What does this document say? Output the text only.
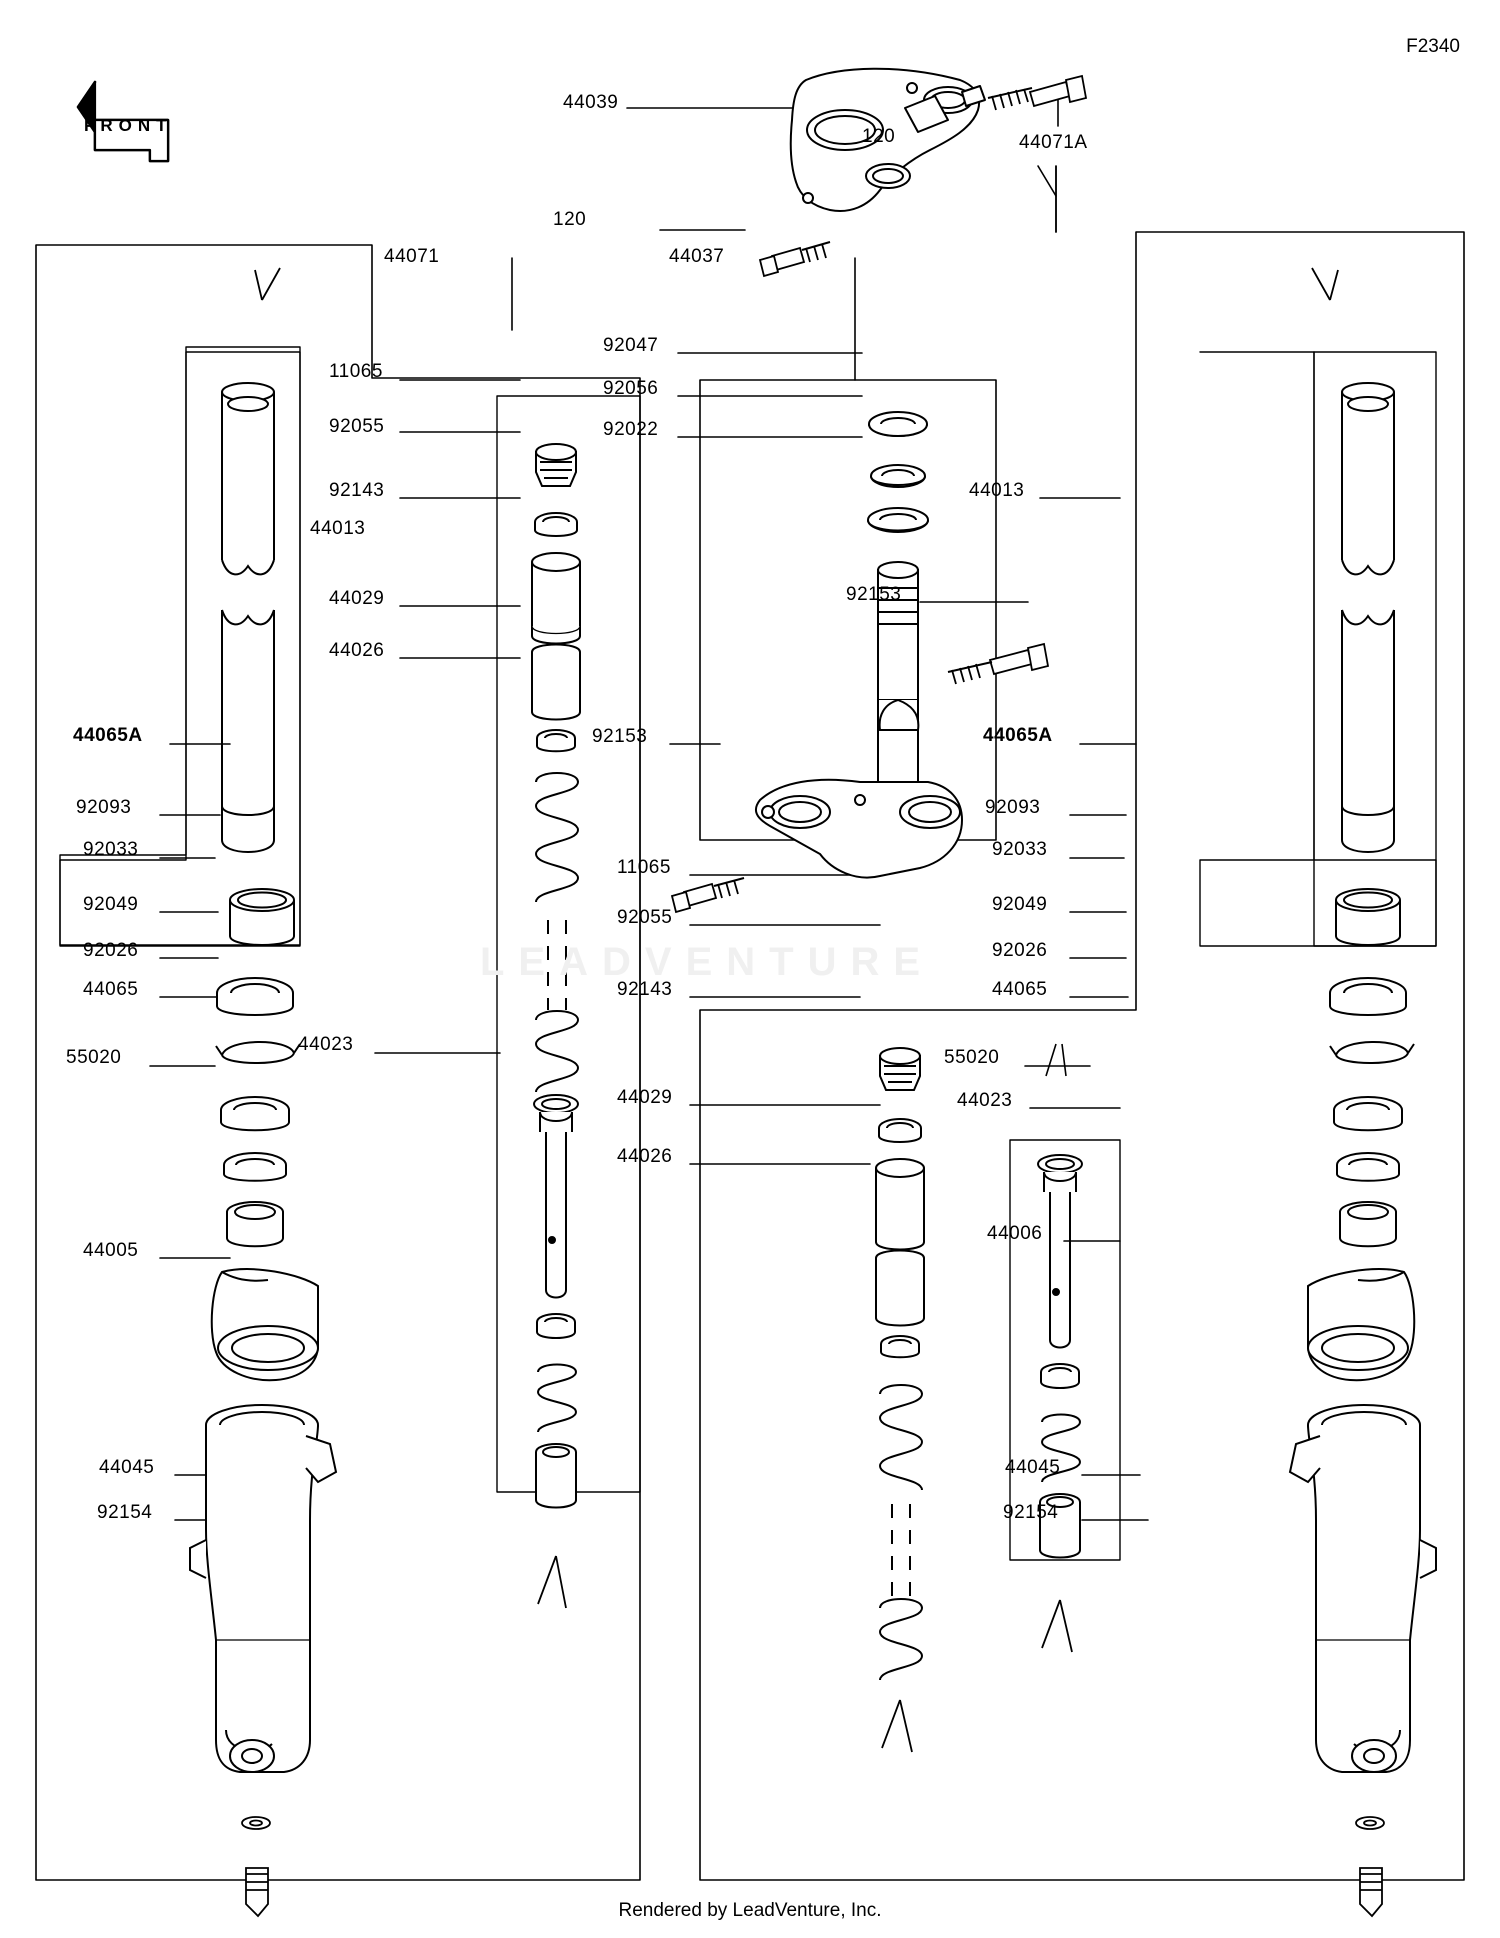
F2340
LEADVENTURE
FRONT
44039
120
120
44071A
44071	44037
11065
92055
92143
44013
44029
44026
44065A
92093
92033
92049
92026
44065
55020
44023
44005
44045
92154
92047
92056
92022
92153
92153
11065
92055
92143
44029
44026
44023
44013
44065A
92093
92033
92049
92026
44065
55020
44006
44045
92154
Rendered by LeadVenture, Inc.
